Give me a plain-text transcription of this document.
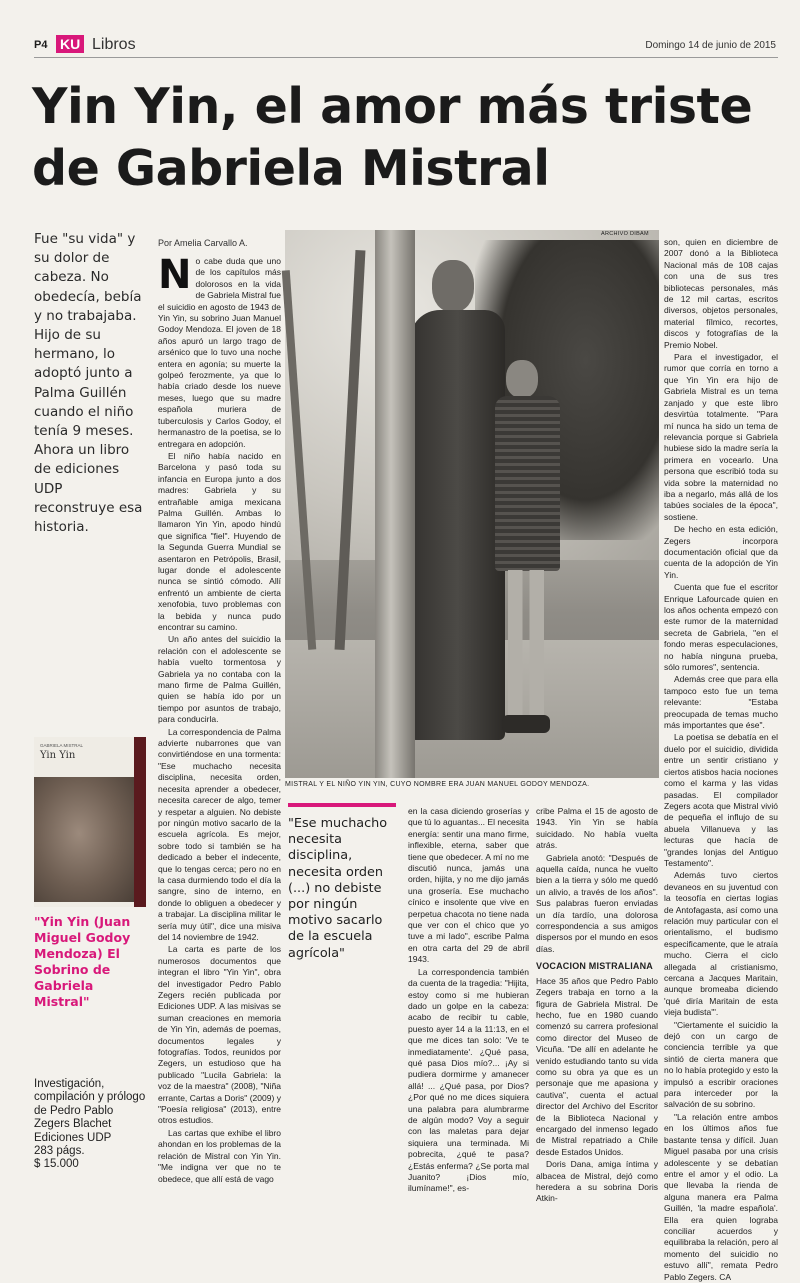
P4 KU Libros	Domingo 14 de junio de 2015
Yin Yin, el amor más triste
de Gabriela Mistral
Fue "su vida" y su dolor de cabeza. No obedecía, bebía y no trabajaba. Hijo de su hermano, lo adoptó junto a Palma Guillén cuando el niño tenía 9 meses. Ahora un libro de ediciones UDP reconstruye esa historia.
Por Amelia Carvallo A.

No cabe duda que uno de los capítulos más dolorosos en la vida de Gabriela Mistral fue el suicidio en agosto de 1943 de Yin Yin, su sobrino Juan Manuel Godoy Mendoza. El joven de 18 años apuró un largo trago de arsénico que lo tuvo una noche entera en agonía; su muerte la golpeó ferozmente, ya que lo había criado desde los nueve meses, luego que su madre española muriera de tuberculosis y Carlos Godoy, el hermanastro de la poetisa, se lo entregara en adopción.

El niño había nacido en Barcelona y pasó toda su infancia en Europa junto a dos madres: Gabriela y su entrañable amiga mexicana Palma Guillén. Ambas lo llamaron Yin Yin, apodo hindú que significa "fiel". Huyendo de la Segunda Guerra Mundial se asentaron en Petrópolis, Brasil, lugar donde el adolescente nunca se sintió cómodo. Allí enfrentó un ambiente de cierta xenofobia, tuvo problemas con la bebida y nunca pudo encontrar su camino.

Un año antes del suicidio la relación con el adolescente se había vuelto tormentosa y Gabriela ya no contaba con la mano firme de Palma Guillén, quien se había ido por un tiempo por asuntos de trabajo, para conducirla.

La correspondencia de Palma advierte nubarrones que van convirtiéndose en una tormenta: "Ese muchacho necesita disciplina, necesita orden, necesita aprender a obedecer, necesita carecer de algo, temer y respetar a alguien. No debiste por ningún motivo sacarlo de la escuela agrícola. Es mejor, sobre todo si también se ha dedicado a beber el indecente, que lo tengas cerca; pero no en la casa durmiendo todo el día la sangre, sino de interno, en donde lo obliguen a obedecer y a trabajar. La disciplina militar le sería muy útil", dice una misiva del 14 noviembre de 1942.

La carta es parte de los numerosos documentos que integran el libro "Yin Yin", obra del investigador Pedro Pablo Zegers recién publicada por Ediciones UDP. A las misivas se suman creaciones en memoria de Yin Yin, además de poemas, documentos legales y fotografías. Todos, reunidos por Zegers, un estudioso que ha publicado "Lucila Gabriela: la voz de la maestra" (2008), "Niña errante, Cartas a Doris" (2009) y "Poesía religiosa" (2013), entre otros estudios.

Las cartas que exhibe el libro ahondan en los problemas de la relación de Mistral con Yin Yin. "Me indigna ver que no te obedece, que allí está de vago

ARCHIVO DIBAM
MISTRAL Y EL NIÑO YIN YIN, CUYO NOMBRE ERA JUAN MANUEL GODOY MENDOZA.
"Ese muchacho necesita disciplina, necesita orden (...) no debiste por ningún motivo sacarlo de la escuela agrícola"

en la casa diciendo groserías y que tú lo aguantas... El necesita energía: sentir una mano firme, inflexible, eterna, saber que tiene que obedecer. A mí no me discutió nunca, jamás una orden, hijita, y no me dijo jamás una grosería. Ese muchacho cínico e insolente que vive en perpetua chacota no tiene nada que ver con el chico que yo tuve a mi lado", escribe Palma en otra carta del 29 de abril 1943.

La correspondencia también da cuenta de la tragedia: "Hijita, estoy como si me hubieran dado un golpe en la cabeza: acabo de recibir tu cable, puesto ayer 14 a la 11:13, en el que me dices tan solo: 'Ve te inmediatamente'. ¿Qué pasa, qué pasa Dios mío?... ¡Ay si pudiera dormirme y amanecer allá! ... ¿Qué pasa, por Dios? ¿Por qué no me dices siquiera una palabra para alumbrarme de algún modo? Voy a seguir con las maletas para dejar siquiera una terminada. Mi pobrecita, ¿qué te pasa? ¿Estás enferma? ¿Se porta mal Juanito? ¡Dios mío, ilumíname!", es-

cribe Palma el 15 de agosto de 1943. Yin Yin se había suicidado. No había vuelta atrás.

Gabriela anotó: "Después de aquella caída, nunca he vuelto bien a la tierra y sólo me quedó un alivio, a través de los años". Sus palabras fueron enviadas un día tardío, una dolorosa correspondencia a sus amigos dispersos por el mundo en esos días.

VOCACION MISTRALIANA

Hace 35 años que Pedro Pablo Zegers trabaja en torno a la figura de Gabriela Mistral. De hecho, fue en 1980 cuando comenzó su carrera profesional como director del Museo de Vicuña. "De allí en adelante he venido estudiando tanto su vida como su obra ya que es un personaje que me apasiona y cautiva", cuenta el actual director del Archivo del Escritor de la Biblioteca Nacional y encargado del inmenso legado de Mistral repatriado a Chile desde Estados Unidos.

Doris Dana, amiga íntima y albacea de Mistral, dejó como heredera a su sobrina Doris Atkin-

son, quien en diciembre de 2007 donó a la Biblioteca Nacional más de 108 cajas con una de sus tres bibliotecas personales, más de 12 mil cartas, escritos diversos, objetos personales, material fílmico, recortes, discos y fotografías de la Premio Nobel.

Para el investigador, el rumor que corría en torno a que Yin Yin era hijo de Gabriela Mistral es un tema zanjado y que este libro desvirtúa totalmente. "Para mí nunca ha sido un tema de relevancia porque si Gabriela hubiese sido la madre sería la primera en vocearlo. Una persona que escribió toda su vida sobre la maternidad no iba a negarlo, más allá de los tabúes sociales de la época", sostiene.

De hecho en esta edición, Zegers incorpora documentación oficial que da cuenta de la adopción de Yin Yin.

Cuenta que fue el escritor Enrique Lafourcade quien en los años ochenta empezó con este rumor de la maternidad secreta de Gabriela, "en el fondo meras especulaciones, no había ninguna prueba, sólo rumores", sentencia.

Además cree que para ella tampoco esto fue un tema relevante: "Estaba preocupada de temas mucho más importantes que ése".

La poetisa se debatía en el duelo por el suicidio, dividida entre un sentir cristiano y ciertos atisbos hacia nociones como el karma y las vidas pasadas. El compilador Zegers acota que Mistral vivió de pequeña el influjo de su abuela Villanueva y las lecturas que hacía de "grandes lonjas del Antiguo Testamento".

Además tuvo ciertos devaneos en su juventud con la teosofía en ciertas logias de Antofagasta, así como una relación muy particular con el orientalismo, el budismo especificamente, que le atraía mucho. Cierra el ciclo allegada al cristianismo, cercana a Jacques Maritain, aunque bromeaba diciendo 'qué diría Maritain de esta vieja budista'".

"Ciertamente el suicidio la dejó con un cargo de conciencia terrible ya que sintió de cierta manera que no lo había protegido y esto la impulsó a escribir oraciones para interceder por la salvación de su sobrino.

"La relación entre ambos en los últimos años fue bastante tensa y difícil. Juan Miguel pasaba por una crisis adolescente y se debatían entre el amor y el odio. La que llevaba la rienda de alguna manera era Palma Guillén, 'la madre española'. Ella era quien lograba conciliar acuerdos y equilibraba la relación, pero al momento del suicidio no estuvo allí", remata Pedro Pablo Zegers. CA

GABRIELA MISTRAL
Yin Yin
"Yin Yin (Juan Miguel Godoy Mendoza) El Sobrino de Gabriela Mistral"
Investigación, compilación y prólogo de Pedro Pablo Zegers Blachet
Ediciones UDP
283 págs.
$ 15.000
